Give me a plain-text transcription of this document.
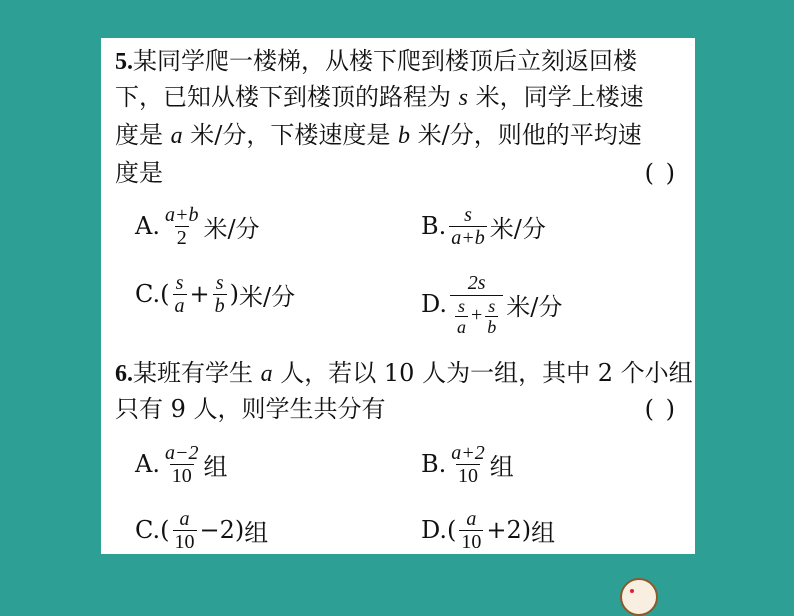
5.某同学爬一楼梯，从楼下爬到楼顶后立刻返回楼
下，已知从楼下到楼顶的路程为 s 米，同学上楼速
度是 a 米/分，下楼速度是 b 米/分，则他的平均速
度是	( )
A. $\frac{a+b}{2}$ 米/分	B. $\frac{s}{a+b}$ 米/分
C. ( $\frac{s}{a} + \frac{s}{b}$ ) 米/分	D. $\frac{2s}{\frac{s}{a} + \frac{s}{b}}$ 米/分
6.某班有学生 a 人，若以 10 人为一组，其中 2 个小组
只有 9 人，则学生共分有	( )
A. $\frac{a-2}{10}$ 组	B. $\frac{a+2}{10}$ 组
C. ( $\frac{a}{10} -2$) 组	D. ( $\frac{a}{10} +2$) 组
